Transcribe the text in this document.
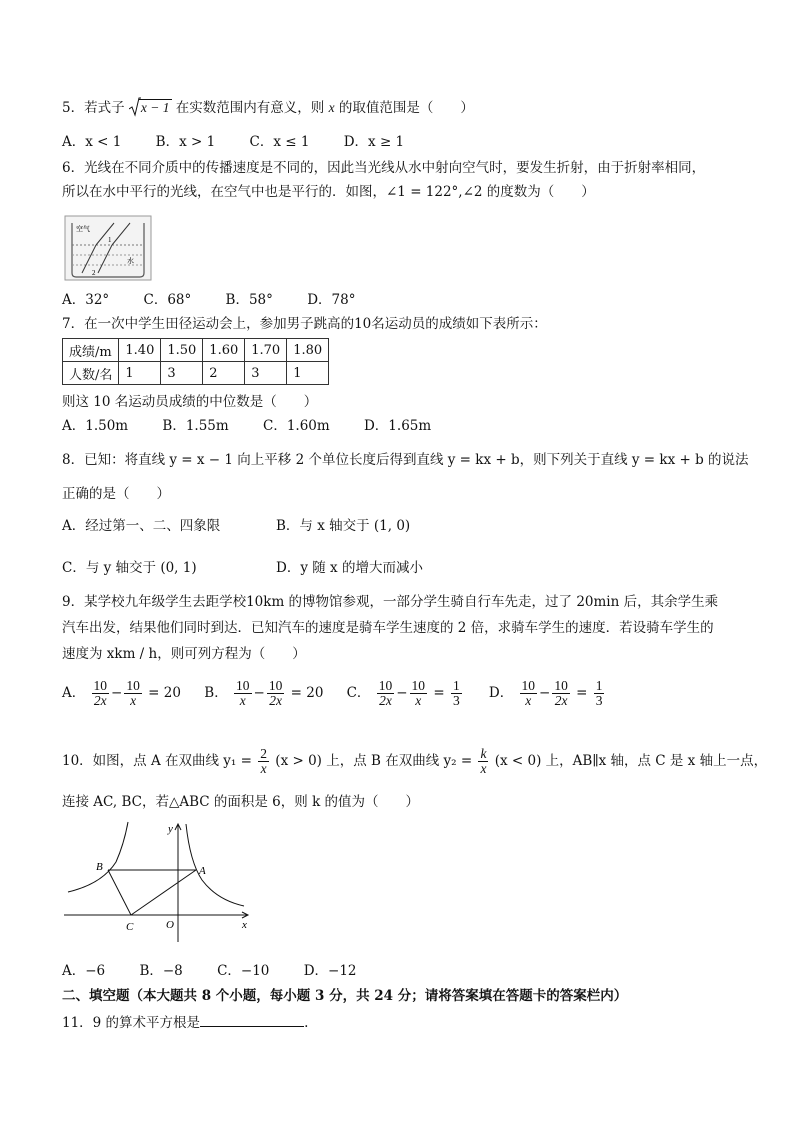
5．若式子 x − 1 在实数范围内有意义，则 x 的取值范围是（　　）
A．x < 1	B．x > 1	C．x ≤ 1	D．x ≥ 1
6．光线在不同介质中的传播速度是不同的，因此当光线从水中射向空气时，要发生折射，由于折射率相同，
所以在水中平行的光线，在空气中也是平行的．如图，∠1 = 122°,∠2 的度数为（　　）
空气
1
水
2
A．32°	C．68°	B．58°	D．78°
7．在一次中学生田径运动会上，参加男子跳高的10名运动员的成绩如下表所示：
成绩/m	1.40	1.50	1.60	1.70	1.80
人数/名	1	3	2	3	1
则这 10 名运动员成绩的中位数是（　　）
A．1.50m	B．1.55m	C．1.60m	D．1.65m
8．已知：将直线 y = x − 1 向上平移 2 个单位长度后得到直线 y = kx + b，则下列关于直线 y = kx + b 的说法
正确的是（　　）
A．经过第一、二、四象限	B．与 x 轴交于 (1, 0)
C．与 y 轴交于 (0, 1)	D．y 随 x 的增大而减小
9．某学校九年级学生去距学校10km 的博物馆参观，一部分学生骑自行车先走，过了 20min 后，其余学生乘
汽车出发，结果他们同时到达．已知汽车的速度是骑车学生速度的 2 倍，求骑车学生的速度．若设骑车学生的
速度为 xkm / h，则可列方程为（　　）
A． $\frac{10}{2x} - \frac{10}{x} = 20$ B． $\frac{10}{x} - \frac{10}{2x} = 20$ C． $\frac{10}{2x} - \frac{10}{x} = \frac{1}{3}$ D． $\frac{10}{x} - \frac{10}{2x} = \frac{1}{3}$
10．如图，点 A 在双曲线 $y_1 = \frac{2}{x} (x > 0)$ 上，点 B 在双曲线 $y_2 = \frac{k}{x} (x < 0)$ 上，AB∥x 轴，点 C 是 x 轴上一点，
连接 AC, BC，若△ABC 的面积是 6，则 k 的值为（　　）
B	A
C	O	x
y
A．−6	B．−8	C．−10	D．−12
二、填空题（本大题共 8 个小题，每小题 3 分，共 24 分；请将答案填在答题卡的答案栏内）
11．9 的算术平方根是	.
